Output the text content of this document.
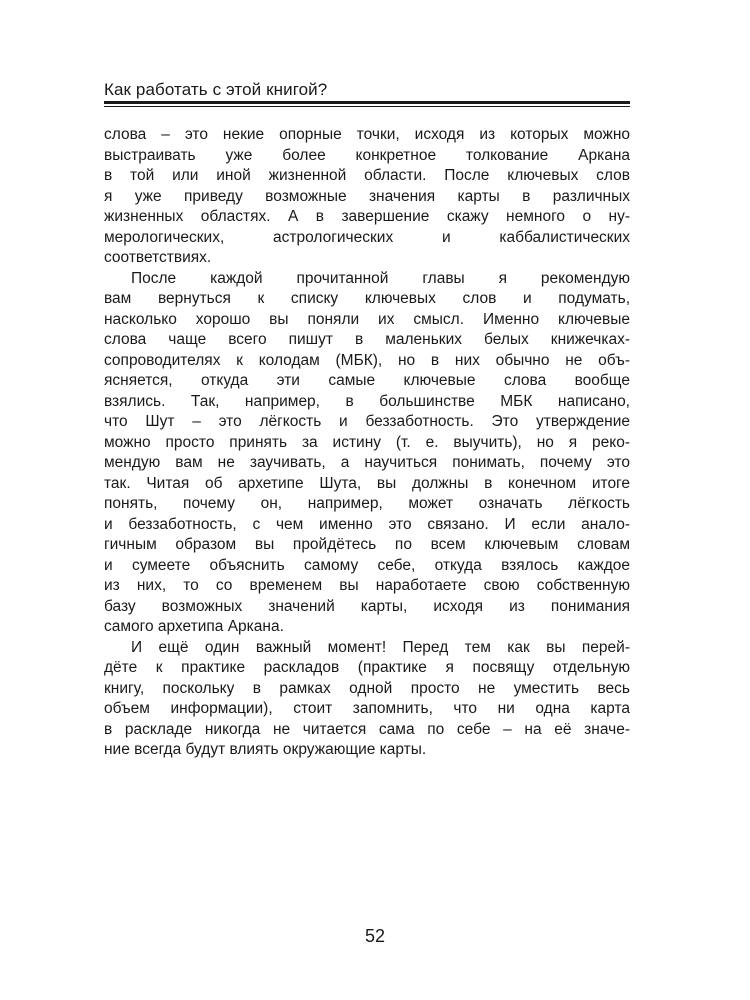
Как работать с этой книгой?
слова – это некие опорные точки, исходя из которых можно
выстраивать уже более конкретное толкование Аркана
в той или иной жизненной области. После ключевых слов
я уже приведу возможные значения карты в различных
жизненных областях. А в завершение скажу немного о ну-
мерологических, астрологических и каббалистических
соответствиях.
После каждой прочитанной главы я рекомендую
вам вернуться к списку ключевых слов и подумать,
насколько хорошо вы поняли их смысл. Именно ключевые
слова чаще всего пишут в маленьких белых книжечках-
сопроводителях к колодам (МБК), но в них обычно не объ-
ясняется, откуда эти самые ключевые слова вообще
взялись. Так, например, в большинстве МБК написано,
что Шут – это лёгкость и беззаботность. Это утверждение
можно просто принять за истину (т. е. выучить), но я реко-
мендую вам не заучивать, а научиться понимать, почему это
так. Читая об архетипе Шута, вы должны в конечном итоге
понять, почему он, например, может означать лёгкость
и беззаботность, с чем именно это связано. И если анало-
гичным образом вы пройдётесь по всем ключевым словам
и сумеете объяснить самому себе, откуда взялось каждое
из них, то со временем вы наработаете свою собственную
базу возможных значений карты, исходя из понимания
самого архетипа Аркана.
И ещё один важный момент! Перед тем как вы перей-
дёте к практике раскладов (практике я посвящу отдельную
книгу, поскольку в рамках одной просто не уместить весь
объем информации), стоит запомнить, что ни одна карта
в раскладе никогда не читается сама по себе – на её значе-
ние всегда будут влиять окружающие карты.
52
